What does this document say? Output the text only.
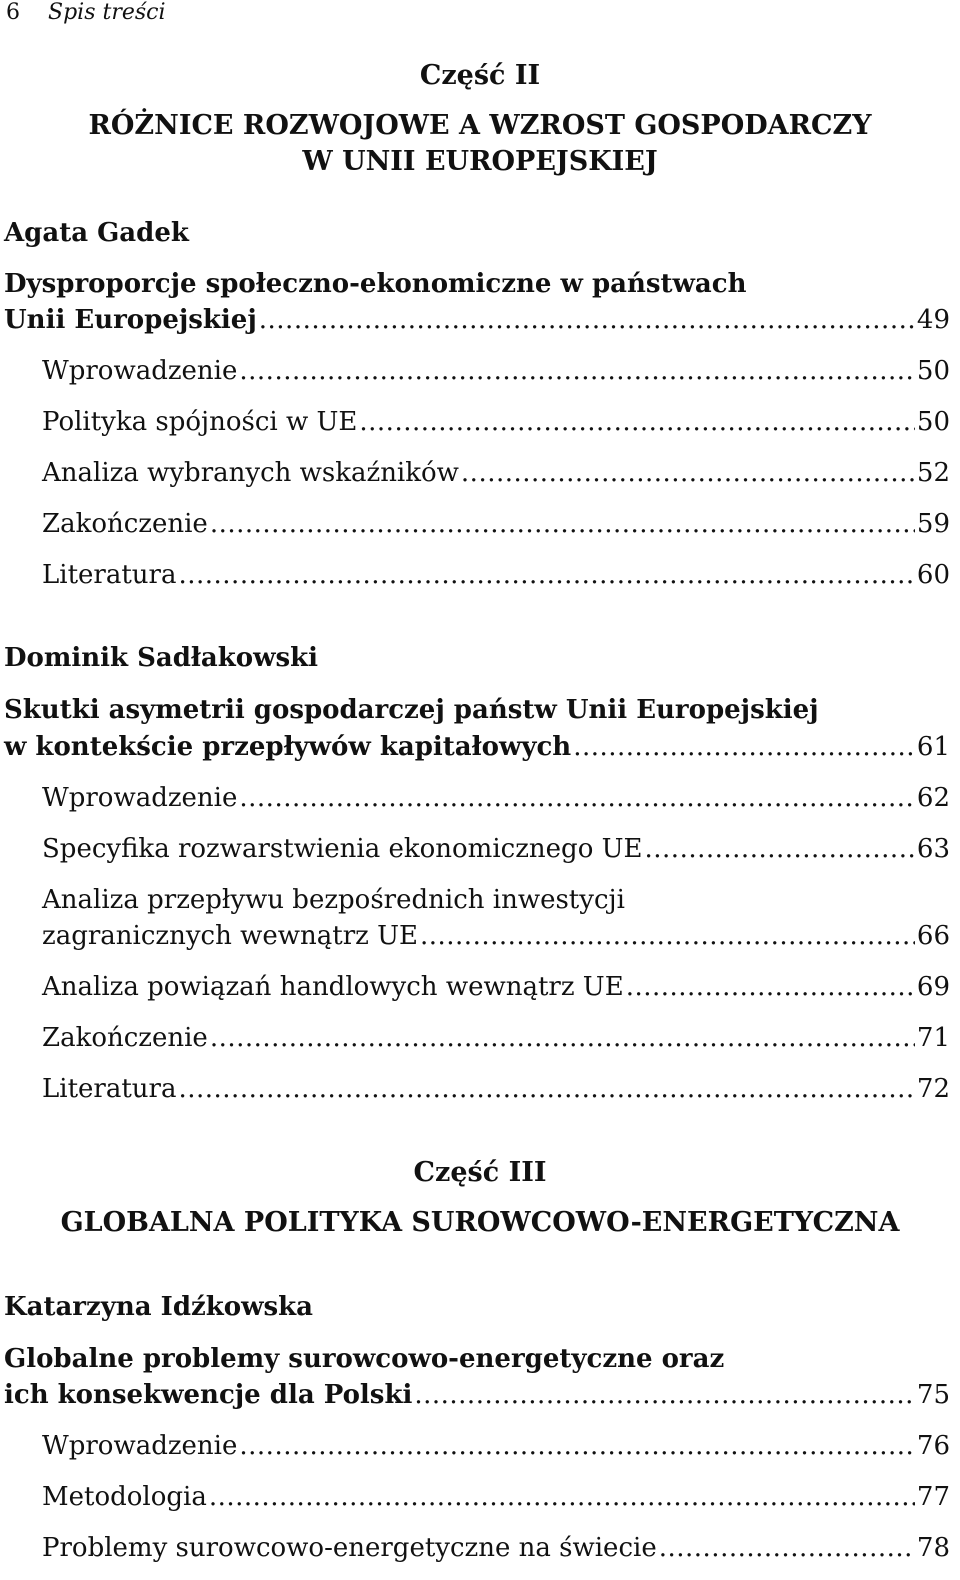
6 Spis treści
Część II
RÓŻNICE ROZWOJOWE A WZROST GOSPODARCZY
W UNII EUROPEJSKIEJ
Agata Gadek
Dysproporcje społeczno-ekonomiczne w państwach
Unii Europejskiej .....	49
Wprowadzenie .....	50
Polityka spójności w UE .....	50
Analiza wybranych wskaźników .....	52
Zakończenie .....	59
Literatura .....	60
Dominik Sadłakowski
Skutki asymetrii gospodarczej państw Unii Europejskiej
w kontekście przepływów kapitałowych .....	61
Wprowadzenie .....	62
Specyfika rozwarstwienia ekonomicznego UE .....	63
Analiza przepływu bezpośrednich inwestycji
zagranicznych wewnątrz UE .....	66
Analiza powiązań handlowych wewnątrz UE .....	69
Zakończenie .....	71
Literatura .....	72
Część III
GLOBALNA POLITYKA SUROWCOWO-ENERGETYCZNA
Katarzyna Idźkowska
Globalne problemy surowcowo-energetyczne oraz
ich konsekwencje dla Polski .....	75
Wprowadzenie .....	76
Metodologia .....	77
Problemy surowcowo-energetyczne na świecie .....	78
